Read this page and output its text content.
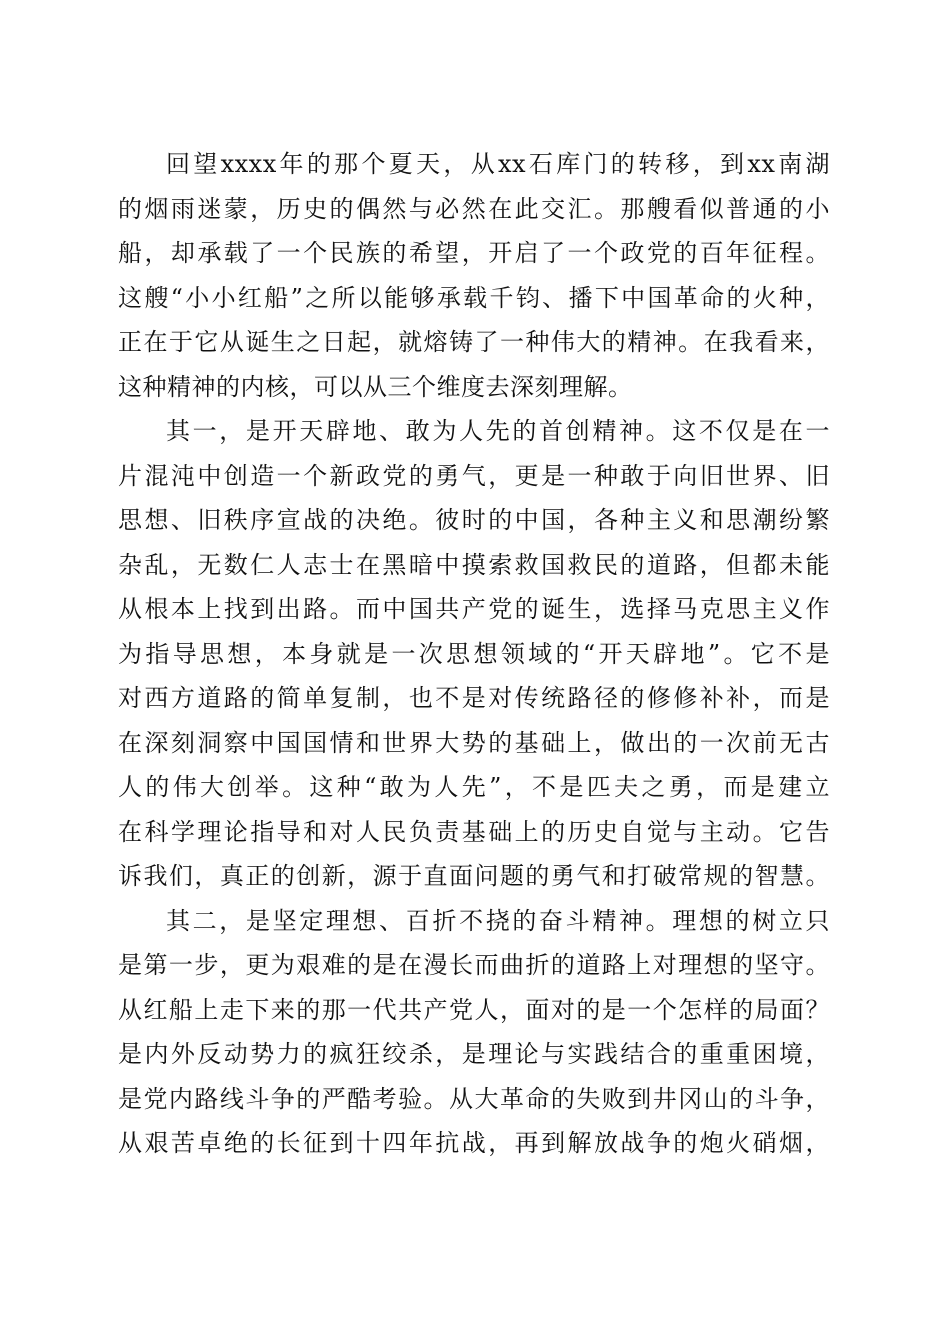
回望xxxx年的那个夏天，从xx石库门的转移，到xx南湖
的烟雨迷蒙，历史的偶然与必然在此交汇。那艘看似普通的小
船，却承载了一个民族的希望，开启了一个政党的百年征程。
这艘“小小红船”之所以能够承载千钧、播下中国革命的火种，
正在于它从诞生之日起，就熔铸了一种伟大的精神。在我看来，
这种精神的内核，可以从三个维度去深刻理解。
其一，是开天辟地、敢为人先的首创精神。这不仅是在一
片混沌中创造一个新政党的勇气，更是一种敢于向旧世界、旧
思想、旧秩序宣战的决绝。彼时的中国，各种主义和思潮纷繁
杂乱，无数仁人志士在黑暗中摸索救国救民的道路，但都未能
从根本上找到出路。而中国共产党的诞生，选择马克思主义作
为指导思想，本身就是一次思想领域的“开天辟地”。它不是
对西方道路的简单复制，也不是对传统路径的修修补补，而是
在深刻洞察中国国情和世界大势的基础上，做出的一次前无古
人的伟大创举。这种“敢为人先”，不是匹夫之勇，而是建立
在科学理论指导和对人民负责基础上的历史自觉与主动。它告
诉我们，真正的创新，源于直面问题的勇气和打破常规的智慧。
其二，是坚定理想、百折不挠的奋斗精神。理想的树立只
是第一步，更为艰难的是在漫长而曲折的道路上对理想的坚守。
从红船上走下来的那一代共产党人，面对的是一个怎样的局面？
是内外反动势力的疯狂绞杀，是理论与实践结合的重重困境，
是党内路线斗争的严酷考验。从大革命的失败到井冈山的斗争，
从艰苦卓绝的长征到十四年抗战，再到解放战争的炮火硝烟，
